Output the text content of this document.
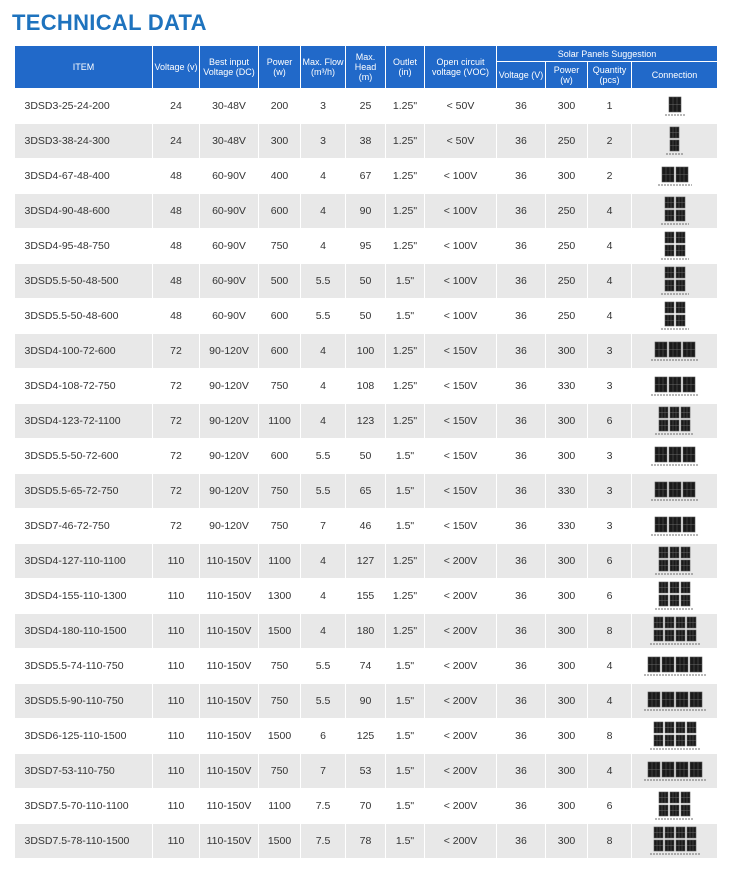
TECHNICAL DATA
ITEM	Voltage (v)	Best input Voltage (DC)	Power (w)	Max. Flow (m³/h)	Max. Head (m)	Outlet (in)	Open circuit voltage (VOC)	Solar Panels Suggestion			
								Voltage (V)	Power (w)	Quantity (pcs)	Connection
3DSD3-25-24-200	24	30-48V	200	3	25	1.25"	< 50V	36	300	1	

3DSD3-38-24-300	24	30-48V	300	3	38	1.25"	< 50V	36	250	2	

3DSD4-67-48-400	48	60-90V	400	4	67	1.25"	< 100V	36	300	2	

3DSD4-90-48-600	48	60-90V	600	4	90	1.25"	< 100V	36	250	4	

3DSD4-95-48-750	48	60-90V	750	4	95	1.25"	< 100V	36	250	4	

3DSD5.5-50-48-500	48	60-90V	500	5.5	50	1.5"	< 100V	36	250	4	

3DSD5.5-50-48-600	48	60-90V	600	5.5	50	1.5"	< 100V	36	250	4	

3DSD4-100-72-600	72	90-120V	600	4	100	1.25"	< 150V	36	300	3	

3DSD4-108-72-750	72	90-120V	750	4	108	1.25"	< 150V	36	330	3	

3DSD4-123-72-1100	72	90-120V	1100	4	123	1.25"	< 150V	36	300	6	

3DSD5.5-50-72-600	72	90-120V	600	5.5	50	1.5"	< 150V	36	300	3	

3DSD5.5-65-72-750	72	90-120V	750	5.5	65	1.5"	< 150V	36	330	3	

3DSD7-46-72-750	72	90-120V	750	7	46	1.5"	< 150V	36	330	3	

3DSD4-127-110-1100	110	110-150V	1100	4	127	1.25"	< 200V	36	300	6	

3DSD4-155-110-1300	110	110-150V	1300	4	155	1.25"	< 200V	36	300	6	

3DSD4-180-110-1500	110	110-150V	1500	4	180	1.25"	< 200V	36	300	8	

3DSD5.5-74-110-750	110	110-150V	750	5.5	74	1.5"	< 200V	36	300	4	

3DSD5.5-90-110-750	110	110-150V	750	5.5	90	1.5"	< 200V	36	300	4	

3DSD6-125-110-1500	110	110-150V	1500	6	125	1.5"	< 200V	36	300	8	

3DSD7-53-110-750	110	110-150V	750	7	53	1.5"	< 200V	36	300	4	

3DSD7.5-70-110-1100	110	110-150V	1100	7.5	70	1.5"	< 200V	36	300	6	

3DSD7.5-78-110-1500	110	110-150V	1500	7.5	78	1.5"	< 200V	36	300	8	
